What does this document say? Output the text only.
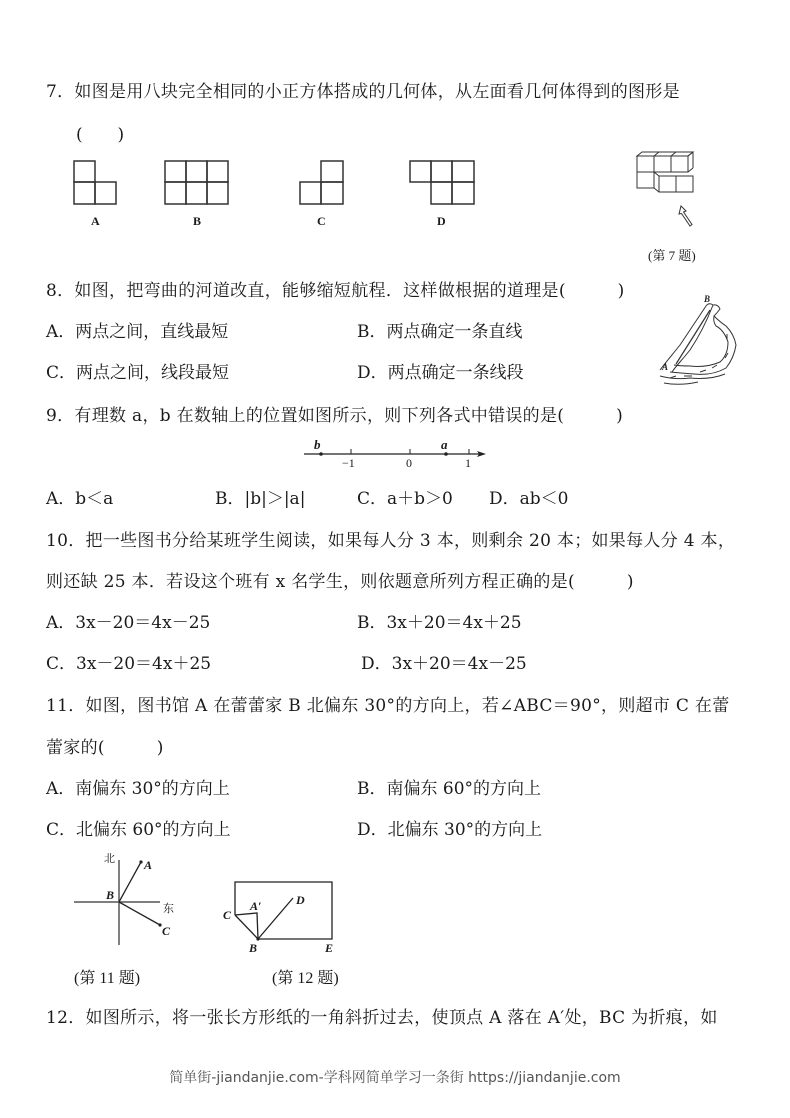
7．如图是用八块完全相同的小正方体搭成的几何体，从左面看几何体得到的图形是
(　　)
A	B	C	D
(第 7 题)
8．如图，把弯曲的河道改直，能够缩短航程．这样做根据的道理是(　　　)
A．两点之间，直线最短	B．两点确定一条直线
C．两点之间，线段最短	D．两点确定一条线段
B
A
9．有理数 a，b 在数轴上的位置如图所示，则下列各式中错误的是(　　　)
b	a
−1	0	1
A．b＜a	B．|b|＞|a|	C．a＋b＞0 D．ab＜0
10．把一些图书分给某班学生阅读，如果每人分 3 本，则剩余 20 本；如果每人分 4 本，
则还缺 25 本．若设这个班有 x 名学生，则依题意所列方程正确的是(　　　)
A．3x－20＝4x－25	B．3x＋20＝4x＋25
C．3x－20＝4x＋25	D．3x＋20＝4x－25
11．如图，图书馆 A 在蕾蕾家 B 北偏东 30°的方向上，若∠ABC＝90°，则超市 C 在蕾
蕾家的(　　　)
A．南偏东 30°的方向上	B．南偏东 60°的方向上
C．北偏东 60°的方向上	D．北偏东 30°的方向上
北
东
A
B
C
(第 11 题)
C
A′	D
B	E
(第 12 题)
12．如图所示，将一张长方形纸的一角斜折过去，使顶点 A 落在 A′处，BC 为折痕，如
简单街-jiandanjie.com-学科网简单学习一条街 https://jiandanjie.com
